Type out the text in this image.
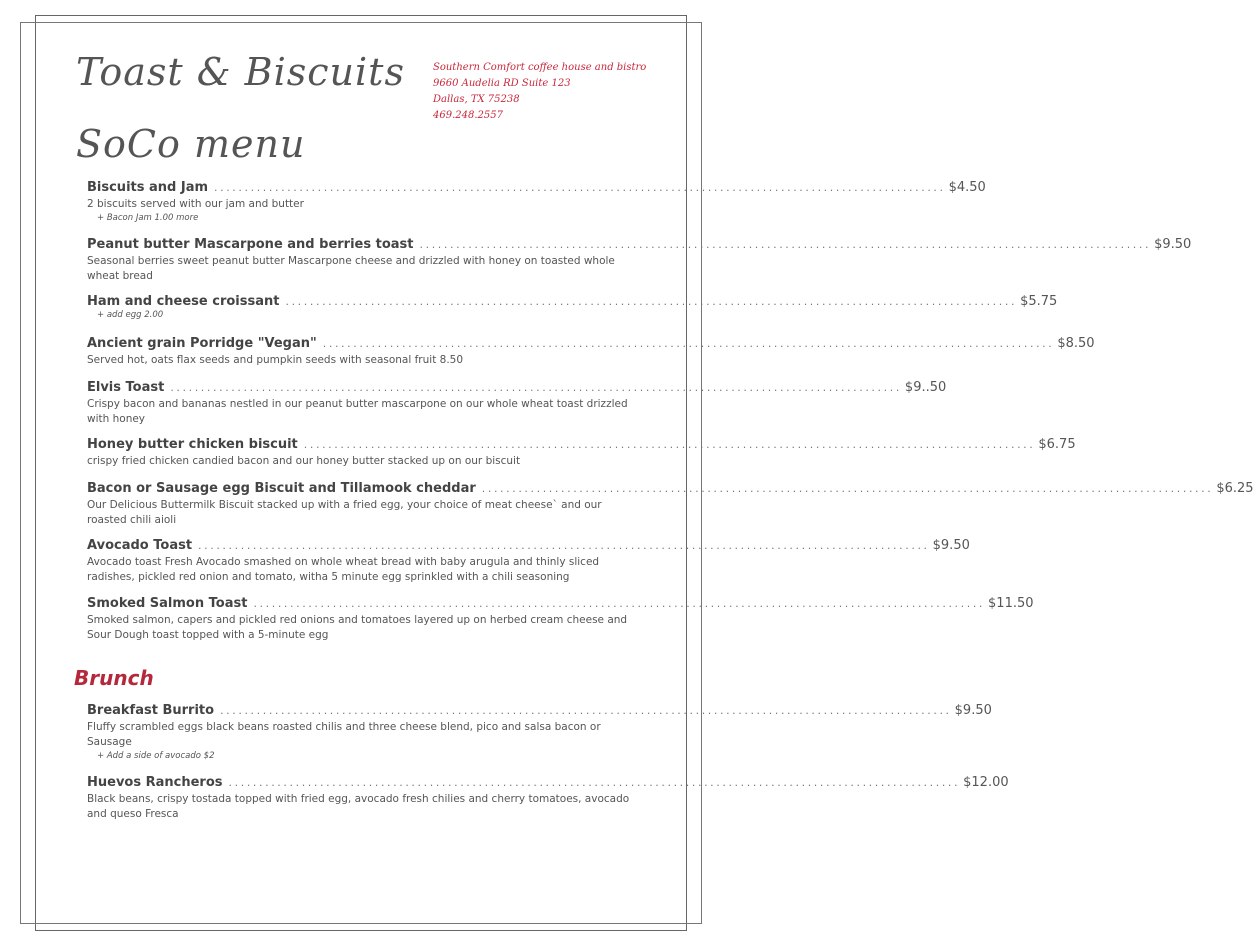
Toast & Biscuits
SoCo menu
Southern Comfort coffee house and bistro
9660 Audelia RD Suite 123
Dallas, TX 75238
469.248.2557
Biscuits and Jam ........................................................................................................................ $4.50
2 biscuits served with our jam and butter
+ Bacon Jam 1.00 more
Peanut butter Mascarpone and berries toast ........................................................................................................................ $9.50
Seasonal berries sweet peanut butter Mascarpone cheese and drizzled with honey on toasted whole wheat bread
Ham and cheese croissant ........................................................................................................................ $5.75
+ add egg 2.00
Ancient grain Porridge "Vegan" ........................................................................................................................ $8.50
Served hot, oats flax seeds and pumpkin seeds with seasonal fruit 8.50
Elvis Toast ........................................................................................................................ $9..50
Crispy bacon and bananas nestled in our peanut butter mascarpone on our whole wheat toast drizzled with honey
Honey butter chicken biscuit ........................................................................................................................ $6.75
crispy fried chicken candied bacon and our honey butter stacked up on our biscuit
Bacon or Sausage egg Biscuit and Tillamook cheddar ........................................................................................................................ $6.25
Our Delicious Buttermilk Biscuit stacked up with a fried egg, your choice of meat cheese` and our roasted chili aioli
Avocado Toast ........................................................................................................................ $9.50
Avocado toast Fresh Avocado smashed on whole wheat bread with baby arugula and thinly sliced radishes, pickled red onion and tomato, witha 5 minute egg sprinkled with a chili seasoning
Smoked Salmon Toast ........................................................................................................................ $11.50
Smoked salmon, capers and pickled red onions and tomatoes layered up on herbed cream cheese and Sour Dough toast topped with a 5-minute egg
Breakfast Burrito ........................................................................................................................ $9.50
Fluffy scrambled eggs black beans roasted chilis and three cheese blend, pico and salsa bacon or Sausage
+ Add a side of avocado $2
Huevos Rancheros ........................................................................................................................ $12.00
Black beans, crispy tostada topped with fried egg, avocado fresh chilies and cherry tomatoes, avocado and queso Fresca
Brunch
